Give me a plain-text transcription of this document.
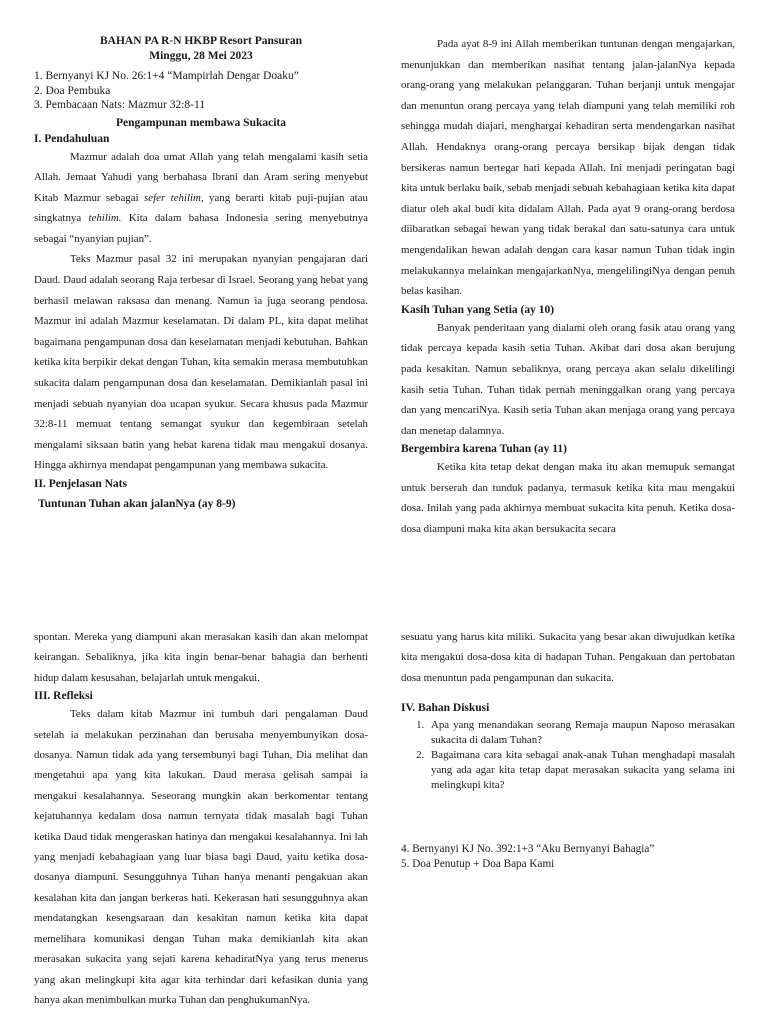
BAHAN PA R-N HKBP Resort Pansuran
Minggu, 28 Mei 2023
1. Bernyanyi KJ No. 26:1+4 “Mampirlah Dengar Doaku”
2. Doa Pembuka
3. Pembacaan Nats: Mazmur 32:8-11
Pengampunan membawa Sukacita
I. Pendahuluan

Mazmur adalah doa umat Allah yang telah mengalami kasih setia Allah. Jemaat Yahudi yang berbahasa Ibrani dan Aram sering menyebut Kitab Mazmur sebagai sefer tehilim, yang berarti kitab puji-pujian atau singkatnya tehilim. Kita dalam bahasa Indonesia sering menyebutnya sebagai “nyanyian pujian”.

Teks Mazmur pasal 32 ini merupakan nyanyian pengajaran dari Daud. Daud adalah seorang Raja terbesar di Israel. Seorang yang hebat yang berhasil melawan raksasa dan menang. Namun ia juga seorang pendosa. Mazmur ini adalah Mazmur keselamatan. Di dalam PL, kita dapat melihat bagaimana pengampunan dosa dan keselamatan menjadi kebutuhan. Bahkan ketika kita berpikir dekat dengan Tuhan, kita semakin merasa membutuhkan sukacita dalam pengampunan dosa dan keselamatan. Demikianlah pasal ini menjadi sebuah nyanyian doa ucapan syukur. Secara khusus pada Mazmur 32:8-11 memuat tentang semangat syukur dan kegembiraan setelah mengalami siksaan batin yang hebat karena tidak mau mengakui dosanya. Hingga akhirnya mendapat pengampunan yang membawa sukacita.

II. Penjelasan Nats
Tuntunan Tuhan akan jalanNya (ay 8-9)

Pada ayat 8-9 ini Allah memberikan tuntunan dengan mengajarkan, menunjukkan dan memberikan nasihat tentang jalan-jalanNya kepada orang-orang yang melakukan pelanggaran. Tuhan berjanji untuk mengajar dan menuntun orang percaya yang telah diampuni yang telah memiliki roh sehingga mudah diajari, menghargai kehadiran serta mendengarkan nasihat Allah. Hendaknya orang-orang percaya bersikap bijak dengan tidak bersikeras namun bertegar hati kepada Allah. Ini menjadi peringatan bagi kita untuk berlaku baik, sebab menjadi sebuah kebahagiaan ketika kita dapat diatur oleh akal budi kita didalam Allah. Pada ayat 9 orang-orang berdosa diibaratkan sebagai hewan yang tidak berakal dan satu-satunya cara untuk mengendalikan hewan adalah dengan cara kasar namun Tuhan tidak ingin melakukannya melainkan mengajarkanNya, mengelilingiNya dengan penuh belas kasihan.

Kasih Tuhan yang Setia (ay 10)

Banyak penderitaan yang dialami oleh orang fasik atau orang yang tidak percaya kepada kasih setia Tuhan. Akibat dari dosa akan berujung pada kesakitan. Namun sebaliknya, orang percaya akan selalu dikelilingi kasih setia Tuhan. Tuhan tidak pernah meninggalkan orang yang percaya dan yang mencariNya. Kasih setia Tuhan akan menjaga orang yang percaya dan menetap dalamnya.

Bergembira karena Tuhan (ay 11)

Ketika kita tetap dekat dengan maka itu akan memupuk semangat untuk berserah dan tunduk padanya, termasuk ketika kita mau mengakui dosa. Inilah yang pada akhirnya membuat sukacita kita penuh. Ketika dosa-dosa diampuni maka kita akan bersukacita secara

spontan. Mereka yang diampuni akan merasakan kasih dan akan melompat keirangan. Sebaliknya, jika kita ingin benar-benar bahagia dan berhenti hidup dalam kesusahan, belajarlah untuk mengakui.

III. Refleksi

Teks dalam kitab Mazmur ini tumbuh dari pengalaman Daud setelah ia melakukan perzinahan dan berusaha menyembunyikan dosa-dosanya. Namun tidak ada yang tersembunyi bagi Tuhan, Dia melihat dan mengetahui apa yang kita lakukan. Daud merasa gelisah sampai ia mengakui kesalahannya. Seseorang mungkin akan berkomentar tentang kejatuhannya kedalam dosa namun ternyata tidak masalah bagi Tuhan ketika Daud tidak mengeraskan hatinya dan mengakui kesalahannya. Ini lah yang menjadi kebahagiaan yang luar biasa bagi Daud, yaitu ketika dosa-dosanya diampuni. Sesungguhnya Tuhan hanya menanti pengakuan akan kesalahan kita dan jangan berkeras hati. Kekerasan hati sesungguhnya akan mendatangkan kesengsaraan dan kesakitan namun ketika kita dapat memelihara komunikasi dengan Tuhan maka demikianlah kita akan merasakan sukacita yang sejati karena kehadiratNya yang terus menerus yang akan melingkupi kita agar kita terhindar dari kefasikan dunia yang hanya akan menimbulkan murka Tuhan dan penghukumanNya.

sesuatu yang harus kita miliki. Sukacita yang besar akan diwujudkan ketika kita mengakui dosa-dosa kita di hadapan Tuhan. Pengakuan dan pertobatan dosa menuntun pada pengampunan dan sukacita.

IV. Bahan Diskusi
1. Apa yang menandakan seorang Remaja maupun Naposo merasakan sukacita di dalam Tuhan?
2. Bagaimana cara kita sebagai anak-anak Tuhan menghadapi masalah yang ada agar kita tetap dapat merasakan sukacita yang selama ini melingkupi kita?
4. Bernyanyi KJ No. 392:1+3 “Aku Bernyanyi Bahagia”
5. Doa Penutup + Doa Bapa Kami
